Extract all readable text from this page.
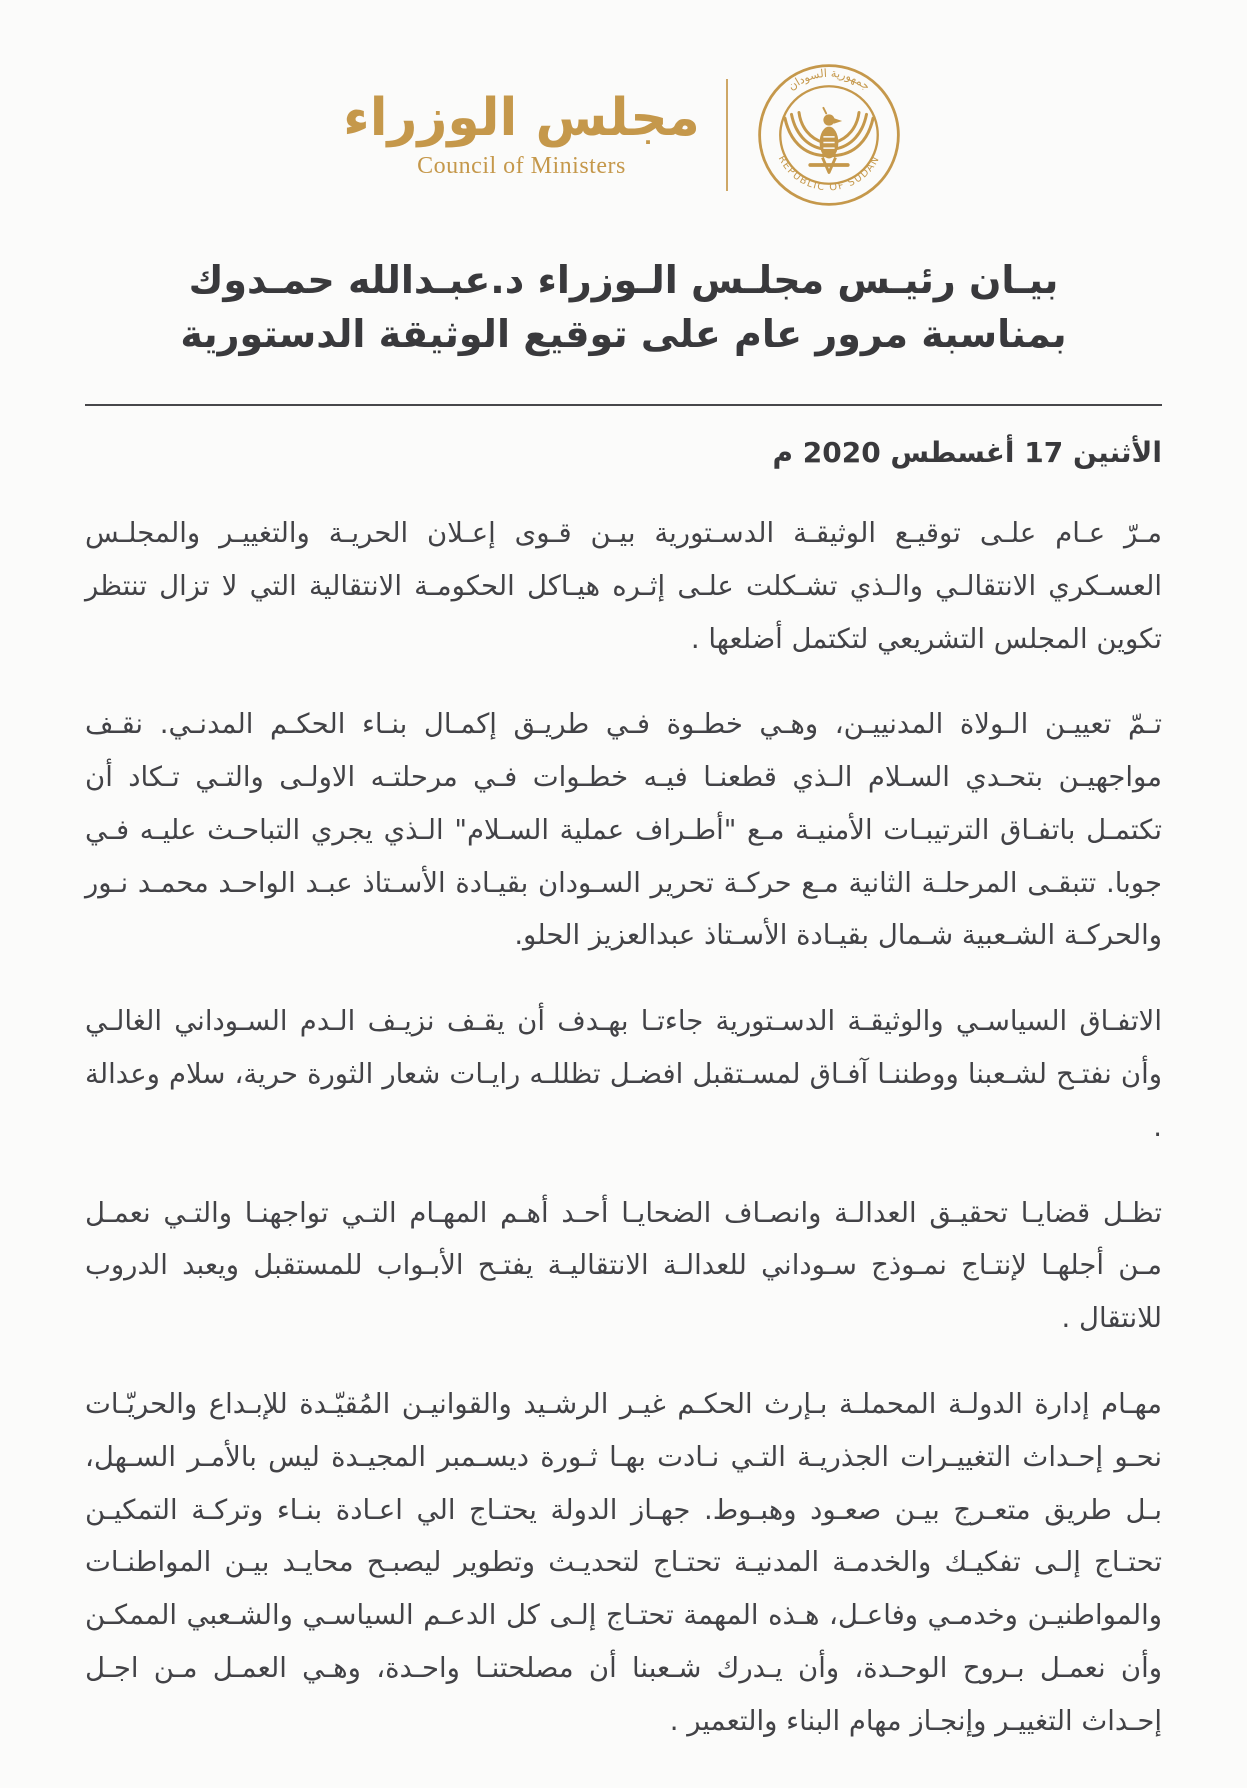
مجلس الوزراء
Council of Ministers
جمهورية السودان
REPUBLIC OF SUDAN
بيـان رئيـس مجلـس الـوزراء د.عبـدالله حمـدوك
بمناسبة مرور عام على توقيع الوثيقة الدستورية
الأثنين 17 أغسطس 2020 م

مـرّ عـام علـى توقيـع الوثيقـة الدسـتورية بيـن قـوى إعـلان الحريـة والتغييـر والمجلـس العسـكري الانتقالـي والـذي تشـكلت علـى إثـره هيـاكل الحكومـة الانتقالية التي لا تزال تنتظر تكوين المجلس التشريعي لتكتمل أضلعها .

تـمّ تعييـن الـولاة المدنييـن، وهـي خطـوة فـي طريـق إكمـال بنـاء الحكـم المدنـي. نقـف مواجهيـن بتحـدي السـلام الـذي قطعنـا فيـه خطـوات فـي مرحلتـه الاولـى والتـي تـكاد أن تكتمـل باتفـاق الترتيبـات الأمنيـة مـع "أطـراف عملية السـلام" الـذي يجري التباحـث عليـه فـي جوبا. تتبقـى المرحلـة الثانية مـع حركـة تحرير السـودان بقيـادة الأسـتاذ عبـد الواحـد محمـد نـور والحركـة الشـعبية شـمال بقيـادة الأسـتاذ عبدالعزيز الحلو.

الاتفـاق السياسـي والوثيقـة الدسـتورية جاءتـا بهـدف أن يقـف نزيـف الـدم السـوداني الغالـي وأن نفتـح لشـعبنا ووطننـا آفـاق لمسـتقبل افضـل تظللـه رايـات شعار الثورة حرية، سلام وعدالة .

تظـل قضايـا تحقيـق العدالـة وانصـاف الضحايـا أحـد أهـم المهـام التـي تواجهنـا والتـي نعمـل مـن أجلهـا لإنتـاج نمـوذج سـوداني للعدالـة الانتقاليـة يفتـح الأبـواب للمستقبل ويعبد الدروب للانتقال .

مهـام إدارة الدولـة المحملـة بـإرث الحكـم غيـر الرشـيد والقوانيـن المُقيّـدة للإبـداع والحريّـات نحـو إحـداث التغييـرات الجذريـة التـي نـادت بهـا ثـورة ديسـمبر المجيـدة ليس بالأمـر السـهل، بـل طريق متعـرج بيـن صعـود وهبـوط. جهـاز الدولة يحتـاج الي اعـادة بنـاء وتركـة التمكيـن تحتـاج إلـى تفكيـك والخدمـة المدنيـة تحتـاج لتحديـث وتطوير ليصبـح محايـد بيـن المواطنـات والمواطنيـن وخدمـي وفاعـل، هـذه المهمة تحتـاج إلـى كل الدعـم السياسـي والشـعبي الممكـن وأن نعمـل بـروح الوحـدة، وأن يـدرك شـعبنا أن مصلحتنـا واحـدة، وهـي العمـل مـن اجـل إحـداث التغييـر وإنجـاز مهام البناء والتعمير .
